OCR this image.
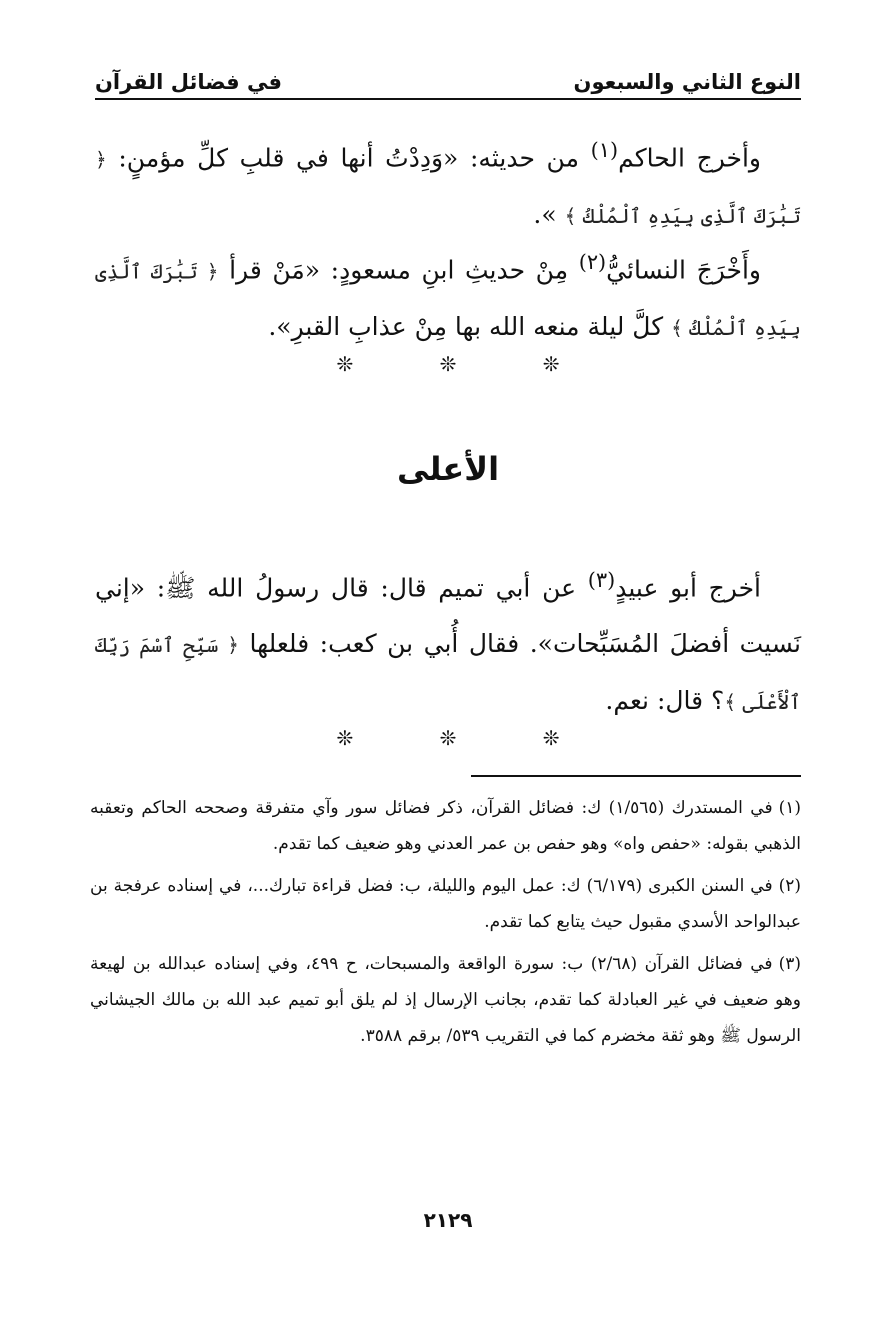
النوع الثاني والسبعون
في فضائل القرآن
وأخرج الحاكم$^{(١)}$ من حديثه: «وَدِدْتُ أنها في قلبِ كلِّ مؤمنٍ: ﴿ تَبَٰرَكَ ٱلَّذِى بِيَدِهِ ٱلْمُلْكُ ﴾ ».
وأَخْرَجَ النسائيُّ$^{(٢)}$ مِنْ حديثِ ابنِ مسعودٍ: «مَنْ قرأ ﴿ تَبَٰرَكَ ٱلَّذِى بِيَدِهِ ٱلْمُلْكُ ﴾ كلَّ ليلة منعه الله بها مِنْ عذابِ القبرِ».
❊ ❊ ❊
الأعلى
أخرج أبو عبيدٍ$^{(٣)}$ عن أبي تميم قال: قال رسولُ الله ﷺ: «إني نَسيت أفضلَ المُسَبِّحات». فقال أُبي بن كعب: فلعلها ﴿ سَبِّحِ ٱسْمَ رَبِّكَ ٱلْأَعْلَى ﴾؟ قال: نعم.
❊ ❊ ❊

(١)في المستدرك (١/٥٦٥) ك: فضائل القرآن، ذكر فضائل سور وآي متفرقة وصححه الحاكم وتعقبه الذهبي بقوله: «حفص واه» وهو حفص بن عمر العدني وهو ضعيف كما تقدم.

(٢)في السنن الكبرى (٦/١٧٩) ك: عمل اليوم والليلة، ب: فضل قراءة تبارك...، في إسناده عرفجة بن عبدالواحد الأسدي مقبول حيث يتابع كما تقدم.

(٣)في فضائل القرآن (٢/٦٨) ب: سورة الواقعة والمسبحات، ح ٤٩٩، وفي إسناده عبدالله بن لهيعة وهو ضعيف في غير العبادلة كما تقدم، بجانب الإرسال إذ لم يلق أبو تميم عبد الله بن مالك الجيشاني الرسول ﷺ وهو ثقة مخضرم كما في التقريب ٥٣٩/ برقم ٣٥٨٨.

٢١٢٩
